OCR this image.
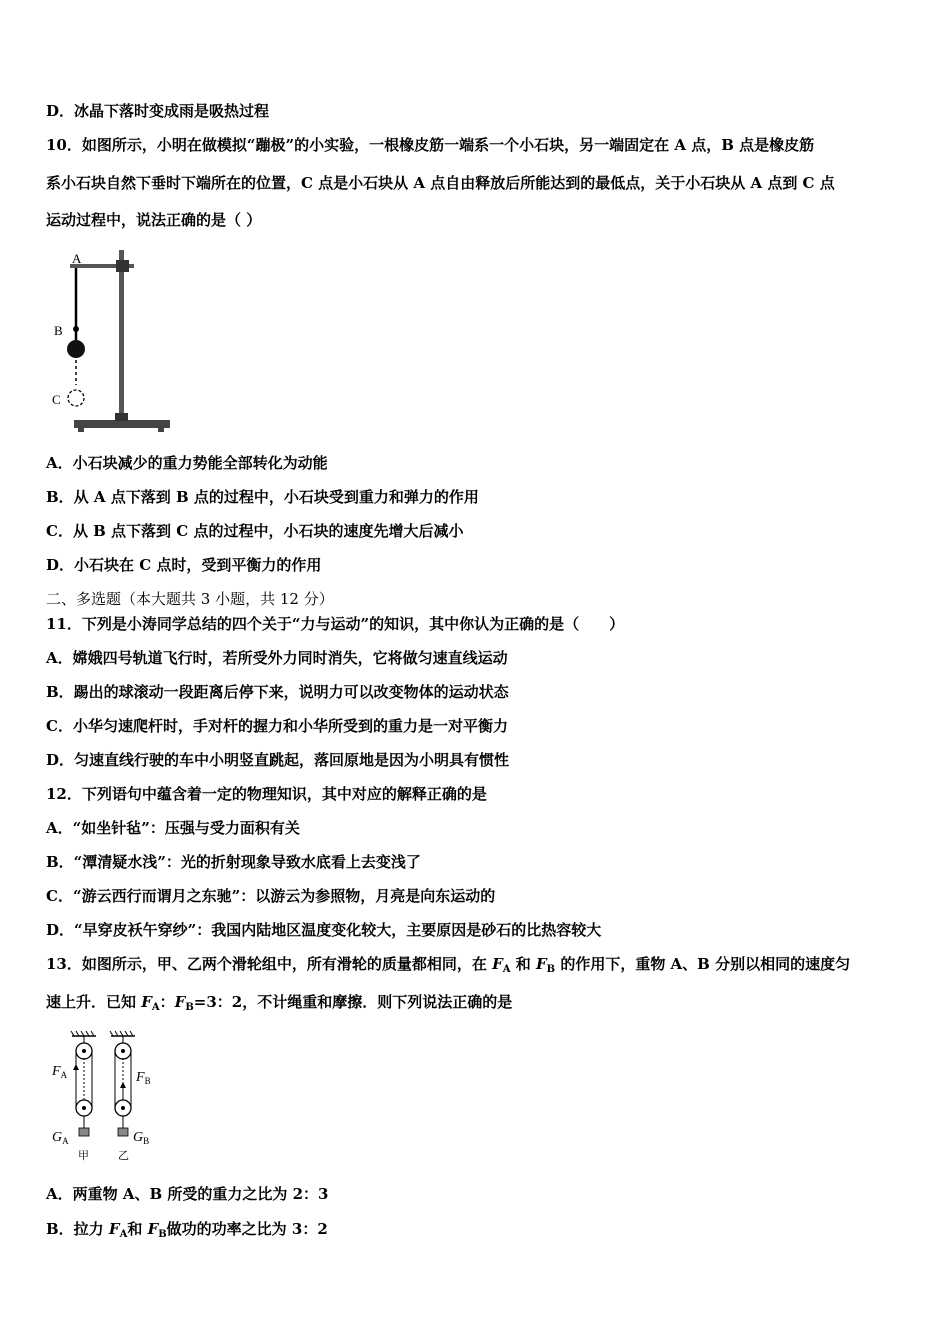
D．冰晶下落时变成雨是吸热过程
10．如图所示，小明在做模拟“蹦极”的小实验，一根橡皮筋一端系一个小石块，另一端固定在 A 点，B 点是橡皮筋
系小石块自然下垂时下端所在的位置，C 点是小石块从 A 点自由释放后所能达到的最低点，关于小石块从 A 点到 C 点
运动过程中，说法正确的是（ ）
A
B
C
A．小石块减少的重力势能全部转化为动能
B．从 A 点下落到 B 点的过程中，小石块受到重力和弹力的作用
C．从 B 点下落到 C 点的过程中，小石块的速度先增大后减小
D．小石块在 C 点时，受到平衡力的作用
二、多选题（本大题共 3 小题，共 12 分）
11．下列是小涛同学总结的四个关于“力与运动”的知识，其中你认为正确的是（　　）
A．嫦娥四号轨道飞行时，若所受外力同时消失，它将做匀速直线运动
B．踢出的球滚动一段距离后停下来，说明力可以改变物体的运动状态
C．小华匀速爬杆时，手对杆的握力和小华所受到的重力是一对平衡力
D．匀速直线行驶的车中小明竖直跳起，落回原地是因为小明具有惯性
12．下列语句中蕴含着一定的物理知识，其中对应的解释正确的是
A．“如坐针毡”：压强与受力面积有关
B．“潭清疑水浅”：光的折射现象导致水底看上去变浅了
C．“游云西行而谓月之东驰”：以游云为参照物，月亮是向东运动的
D．“早穿皮袄午穿纱”：我国内陆地区温度变化较大，主要原因是砂石的比热容较大
13．如图所示，甲、乙两个滑轮组中，所有滑轮的质量都相同，在 $F_A$ 和 $F_B$ 的作用下，重物 A、B 分别以相同的速度匀
速上升．已知 $F_A$：$F_B=3$：2，不计绳重和摩擦．则下列说法正确的是
$F_A$	$F_B$
$G_A$	$G_B$
甲	乙
A．两重物 A、B 所受的重力之比为 2：3
B．拉力 $F_A$和 $F_B$做功的功率之比为 3：2
